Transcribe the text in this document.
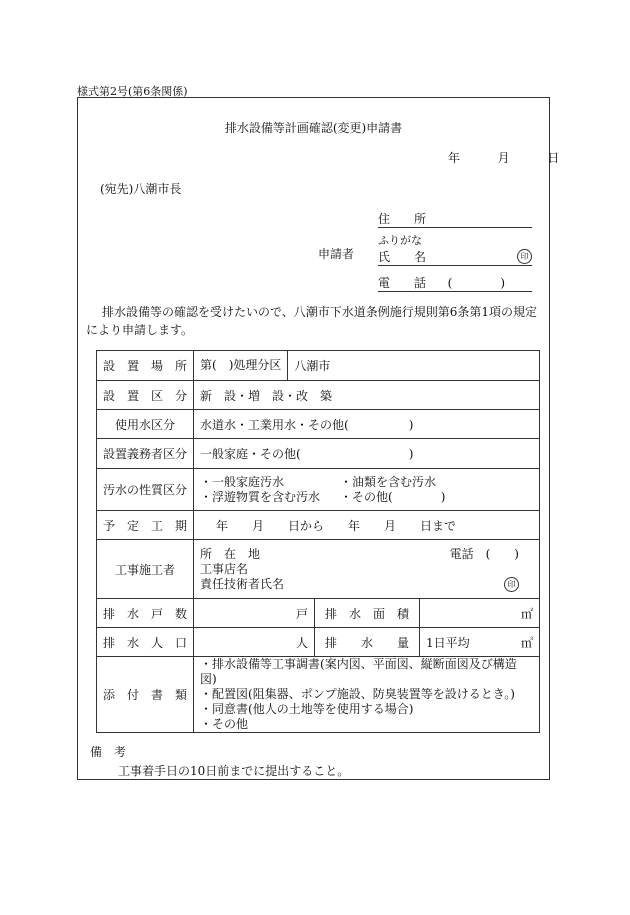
様式第2号(第6条関係)
排水設備等計画確認(変更)申請書
年	月	日
(宛先)八潮市長
申請者
住　　所
ふりがな
氏　　名	印
電　　話 (　　　　)
排水設備等の確認を受けたいので、八潮市下水道条例施行規則第6条第1項の規定により申請します。
設　置　場　所	第(　)処理分区 八潮市		

設　置　区　分	新　設・増　設・改　築		
使用水区分	水道水・工業用水・その他(　　　　　)		
設置義務者区分	一般家庭・その他(　　　　　　　　　)		
汚水の性質区分	・一般家庭汚水 ・油類を含む汚水
・浮遊物質を含む汚水 ・その他(　　　　)		

予　定　工　期	年　　月　　日から　　年　　月　　日まで		
工事施工者	所　在　地 電話　 (　　)
工事店名
責任技術者氏名 印		

排　水　戸　数	戸	排　水　面　積	㎡
排　水　人　口	人	排　　水　　量	1日平均 ㎥

添　付　書　類	・排水設備等工事調書(案内図、平面図、縦断面図及び構造図)
・配置図(阻集器、ポンプ施設、防臭装置等を設けるとき。)
・同意書(他人の土地等を使用する場合)
・その他		
備　考
工事着手日の10日前までに提出すること。
